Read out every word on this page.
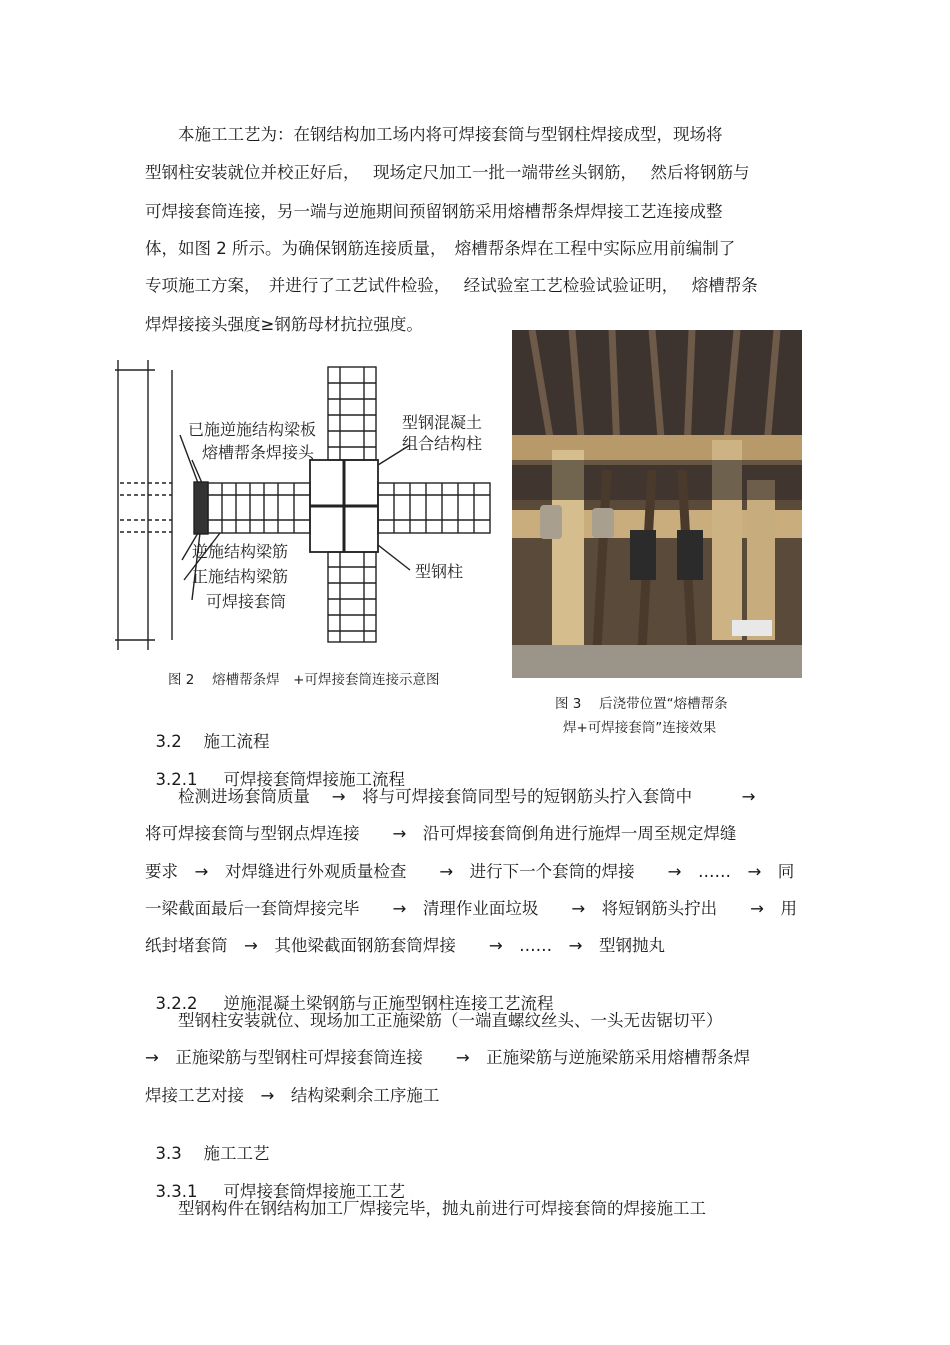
本施工工艺为：在钢结构加工场内将可焊接套筒与型钢柱焊接成型，现场将
型钢柱安装就位并校正好后，　 现场定尺加工一批一端带丝头钢筋，　 然后将钢筋与
可焊接套筒连接，另一端与逆施期间预留钢筋采用熔槽帮条焊焊接工艺连接成整
体，如图 2 所示。为确保钢筋连接质量，　熔槽帮条焊在工程中实际应用前编制了
专项施工方案，　并进行了工艺试件检验，　 经试验室工艺检验试验证明，　 熔槽帮条
焊焊接接头强度≥钢筋母材抗拉强度。
已施逆施结构梁板
熔槽帮条焊接头
型钢混凝土
组合结构柱
逆施结构梁筋
正施结构梁筋
可焊接套筒
型钢柱
图 2　 熔槽帮条焊　+可焊接套筒连接示意图
图 3　 后浇带位置“熔槽帮条
焊+可焊接套筒”连接效果

3.2 施工流程

3.2.1 可焊接套筒焊接施工流程

检测进场套筒质量　 →　将与可焊接套筒同型号的短钢筋头拧入套筒中　　　→
将可焊接套筒与型钢点焊连接　　→　沿可焊接套筒倒角进行施焊一周至规定焊缝
要求　→　对焊缝进行外观质量检查　　→　进行下一个套筒的焊接　　→　……　→　同
一梁截面最后一套筒焊接完毕　　→　清理作业面垃圾　　→　将短钢筋头拧出　　→　用
纸封堵套筒　→　其他梁截面钢筋套筒焊接　　→　……　→　型钢抛丸

3.2.2 逆施混凝土梁钢筋与正施型钢柱连接工艺流程

型钢柱安装就位、现场加工正施梁筋（一端直螺纹丝头、一头无齿锯切平）
→　正施梁筋与型钢柱可焊接套筒连接　　→　正施梁筋与逆施梁筋采用熔槽帮条焊
焊接工艺对接　→　结构梁剩余工序施工

3.3 施工工艺

3.3.1 可焊接套筒焊接施工工艺

型钢构件在钢结构加工厂焊接完毕，抛丸前进行可焊接套筒的焊接施工工
